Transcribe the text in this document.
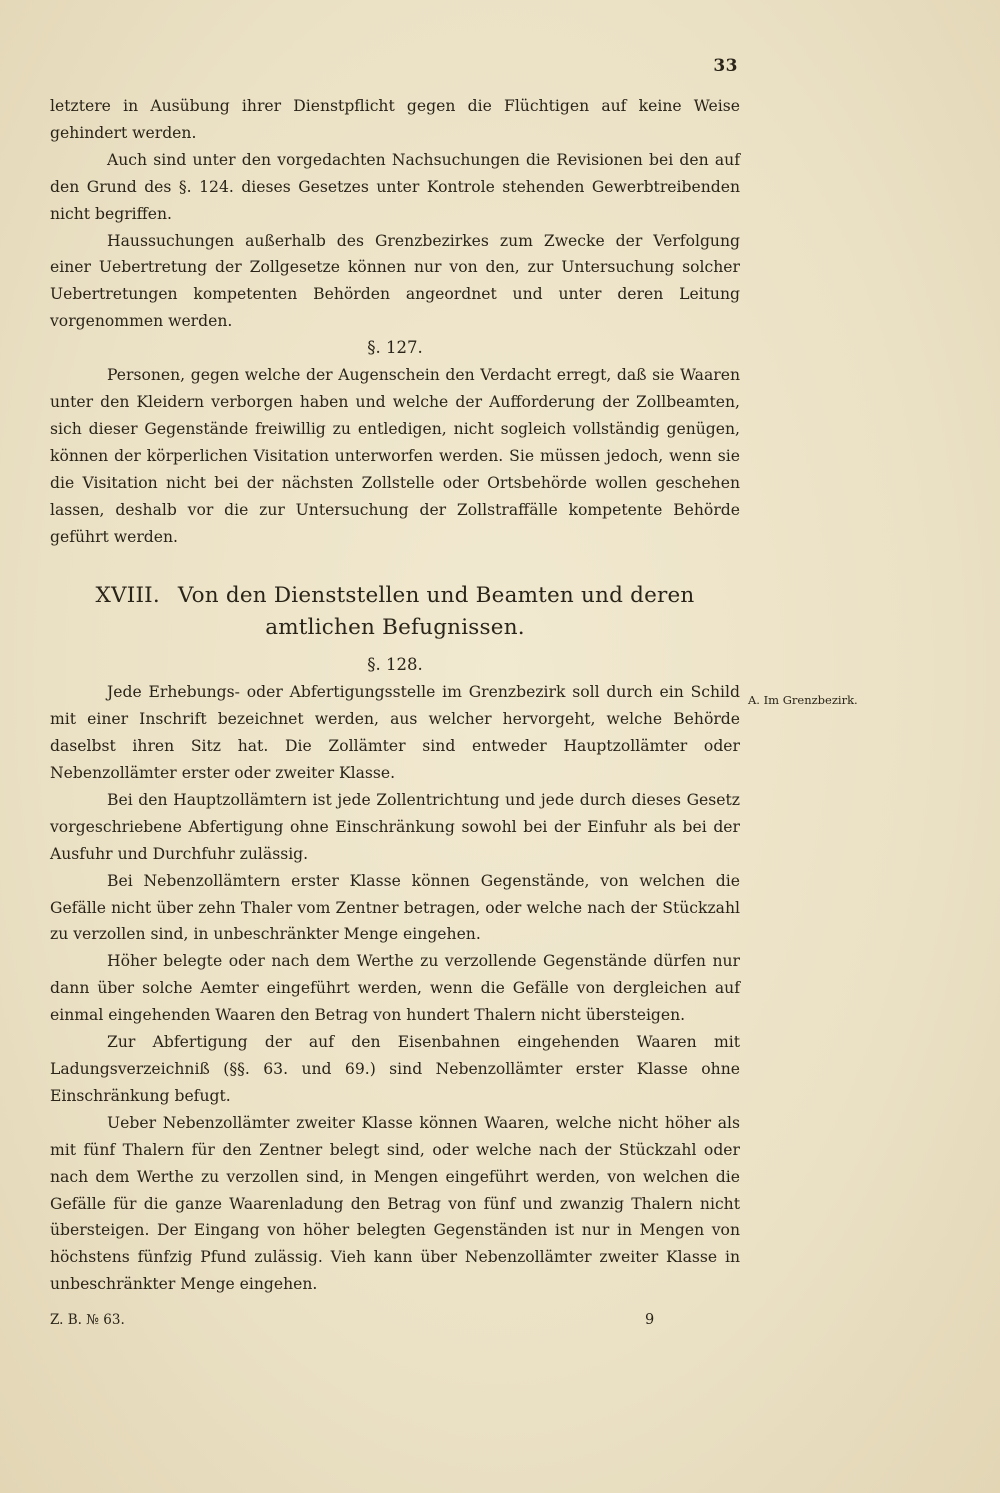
33

letztere in Ausübung ihrer Dienstpflicht gegen die Flüchtigen auf keine Weise gehindert werden.

Auch sind unter den vorgedachten Nachsuchungen die Revisionen bei den auf den Grund des §. 124. dieses Gesetzes unter Kontrole stehenden Gewerbtreibenden nicht begriffen.

Haussuchungen außerhalb des Grenzbezirkes zum Zwecke der Verfolgung einer Uebertretung der Zollgesetze können nur von den, zur Untersuchung solcher Uebertretungen kompetenten Behörden angeordnet und unter deren Leitung vorgenommen werden.

§. 127.

Personen, gegen welche der Augenschein den Verdacht erregt, daß sie Waaren unter den Kleidern verborgen haben und welche der Aufforderung der Zollbeamten, sich dieser Gegenstände freiwillig zu entledigen, nicht sogleich vollständig genügen, können der körperlichen Visitation unterworfen werden. Sie müssen jedoch, wenn sie die Visitation nicht bei der nächsten Zollstelle oder Ortsbehörde wollen geschehen lassen, deshalb vor die zur Untersuchung der Zollstraffälle kompetente Behörde geführt werden.

XVIII. Von den Dienststellen und Beamten und deren amtlichen Befugnissen.

§. 128.

Jede Erhebungs- oder Abfertigungsstelle im Grenzbezirk soll durch ein Schild mit einer Inschrift bezeichnet werden, aus welcher hervorgeht, welche Behörde daselbst ihren Sitz hat. Die Zollämter sind entweder Hauptzollämter oder Nebenzollämter erster oder zweiter Klasse.

Bei den Hauptzollämtern ist jede Zollentrichtung und jede durch dieses Gesetz vorgeschriebene Abfertigung ohne Einschränkung sowohl bei der Einfuhr als bei der Ausfuhr und Durchfuhr zulässig.

Bei Nebenzollämtern erster Klasse können Gegenstände, von welchen die Gefälle nicht über zehn Thaler vom Zentner betragen, oder welche nach der Stückzahl zu verzollen sind, in unbeschränkter Menge eingehen.

Höher belegte oder nach dem Werthe zu verzollende Gegenstände dürfen nur dann über solche Aemter eingeführt werden, wenn die Gefälle von dergleichen auf einmal eingehenden Waaren den Betrag von hundert Thalern nicht übersteigen.

Zur Abfertigung der auf den Eisenbahnen eingehenden Waaren mit Ladungsverzeichniß (§§. 63. und 69.) sind Nebenzollämter erster Klasse ohne Einschränkung befugt.

Ueber Nebenzollämter zweiter Klasse können Waaren, welche nicht höher als mit fünf Thalern für den Zentner belegt sind, oder welche nach der Stückzahl oder nach dem Werthe zu verzollen sind, in Mengen eingeführt werden, von welchen die Gefälle für die ganze Waarenladung den Betrag von fünf und zwanzig Thalern nicht übersteigen. Der Eingang von höher belegten Gegenständen ist nur in Mengen von höchstens fünfzig Pfund zulässig. Vieh kann über Nebenzollämter zweiter Klasse in unbeschränkter Menge eingehen.

A. Im Grenzbezirk.
Z. B. № 63.	9
